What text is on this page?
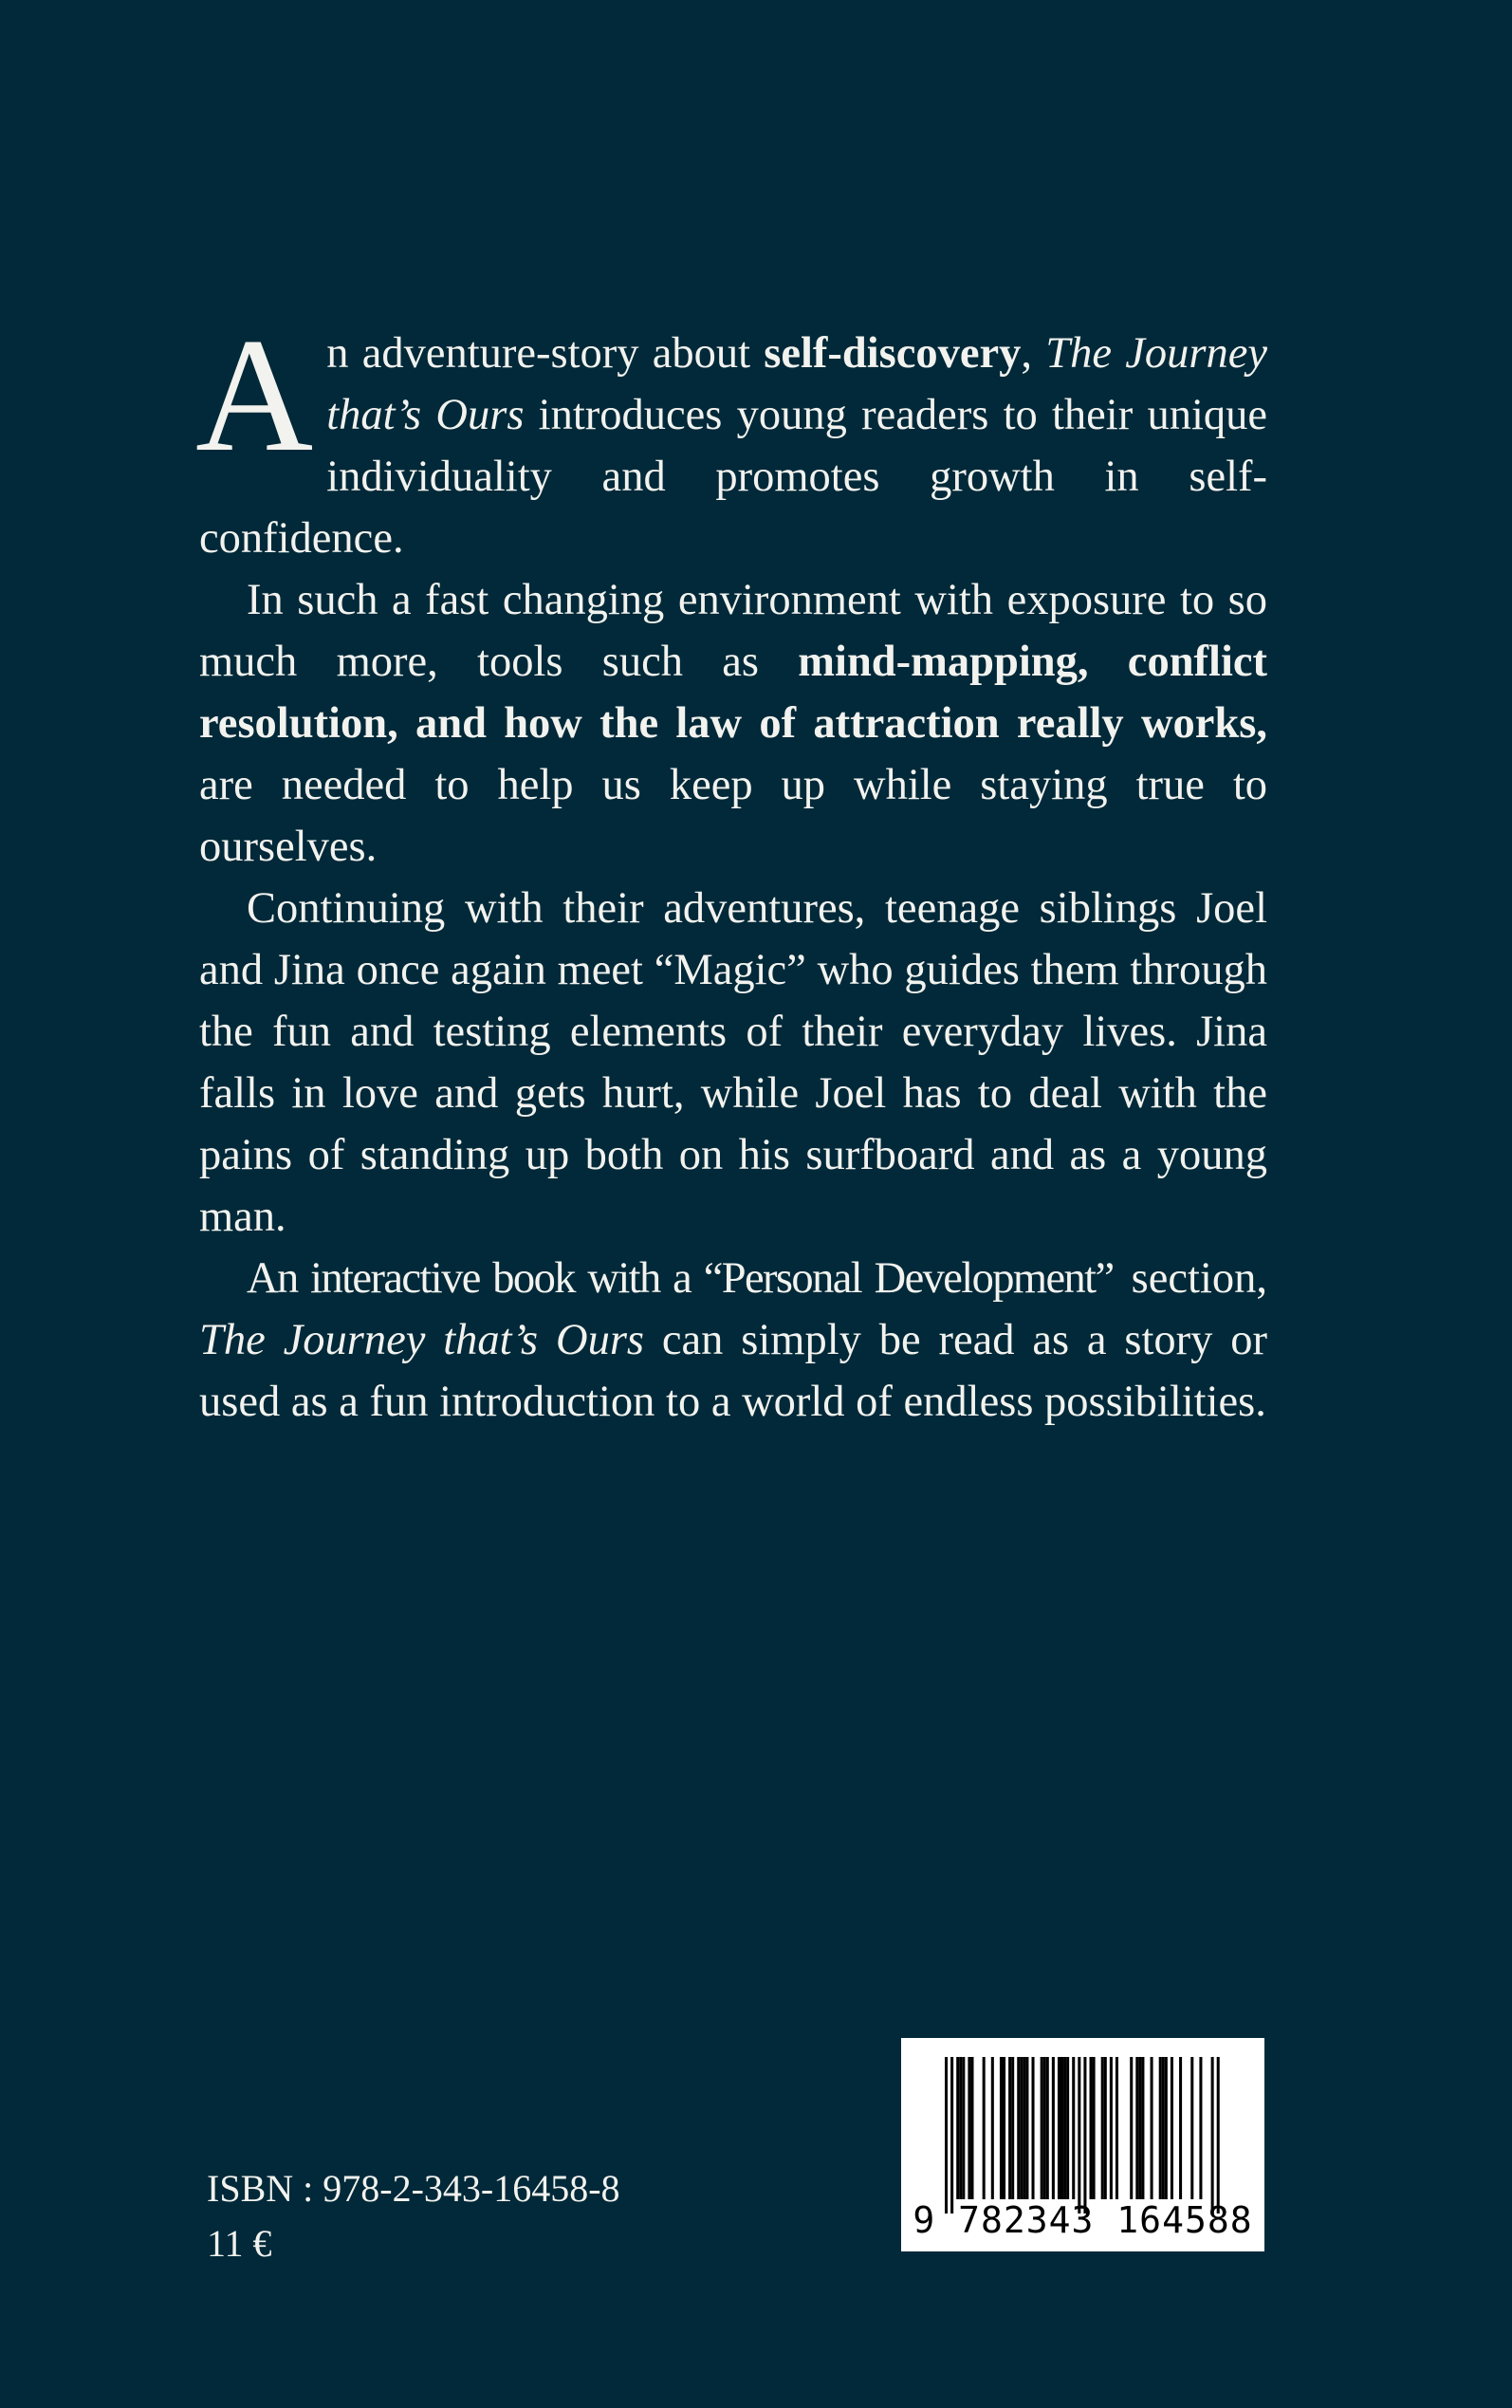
An adventure-story about self-discovery, The Journey that’s Ours introduces young readers to their unique individuality and promotes growth in self-confidence.

In such a fast changing environment with exposure to so much more, tools such as mind-mapping, conflict resolution, and how the law of attraction really works, are needed to help us keep up while staying true to ourselves.

Continuing with their adventures, teenage siblings Joel and Jina once again meet “Magic” who guides them through the fun and testing elements of their everyday lives. Jina falls in love and gets hurt, while Joel has to deal with the pains of standing up both on his surfboard and as a young man.

An interactive book with a “Personal Development” section, The Journey that’s Ours can simply be read as a story or used as a fun introduction to a world of endless possibilities.

ISBN : 978-2-343-16458-8
11 €
9 782343 164588
